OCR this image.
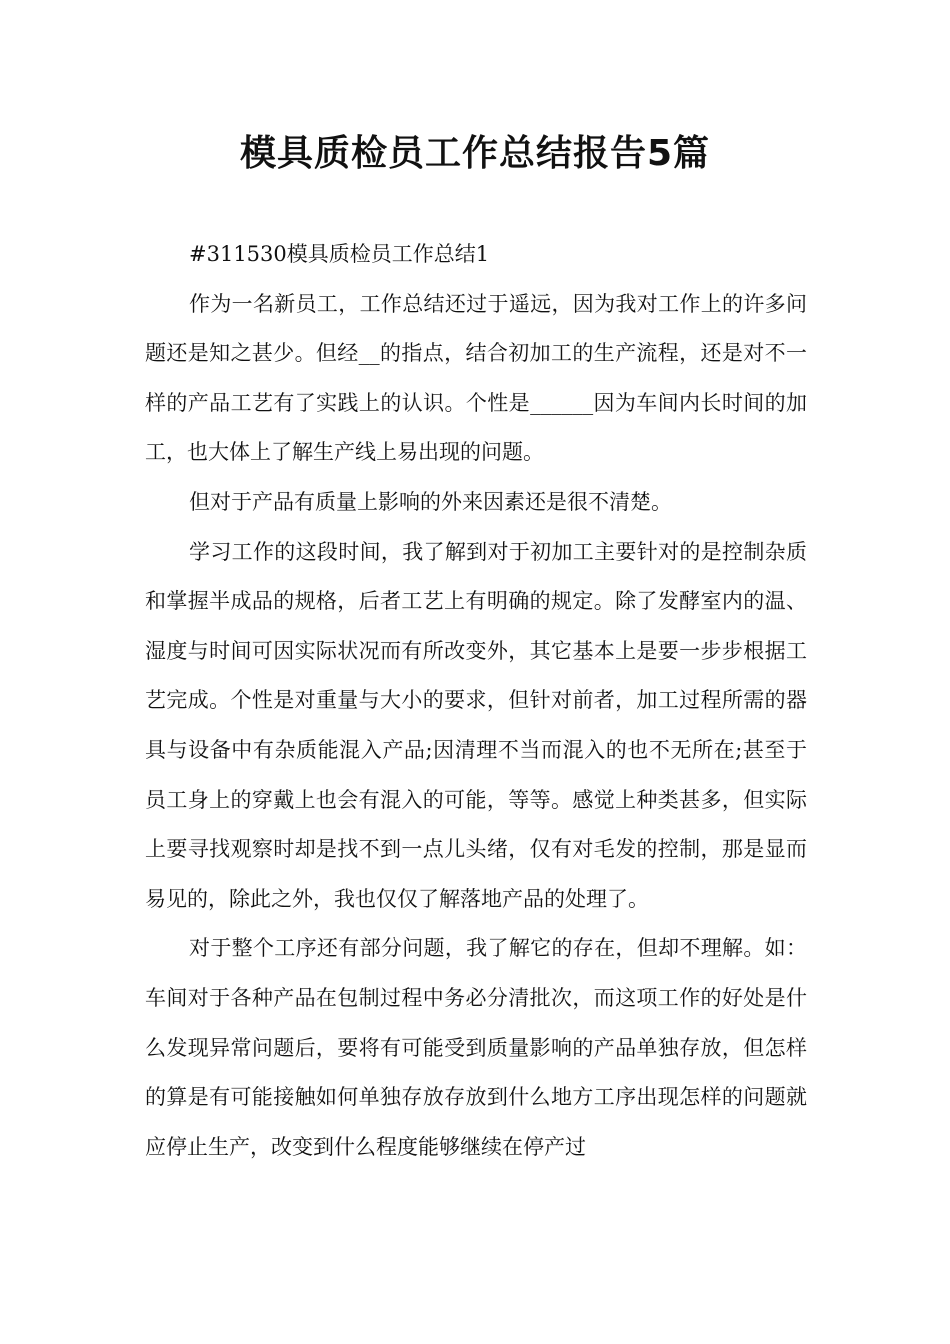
模具质检员工作总结报告5篇

#311530模具质检员工作总结1

作为一名新员工，工作总结还过于遥远，因为我对工作上的许多问题还是知之甚少。但经__的指点，结合初加工的生产流程，还是对不一样的产品工艺有了实践上的认识。个性是______因为车间内长时间的加工，也大体上了解生产线上易出现的问题。

但对于产品有质量上影响的外来因素还是很不清楚。

学习工作的这段时间，我了解到对于初加工主要针对的是控制杂质和掌握半成品的规格，后者工艺上有明确的规定。除了发酵室内的温、湿度与时间可因实际状况而有所改变外，其它基本上是要一步步根据工艺完成。个性是对重量与大小的要求，但针对前者，加工过程所需的器具与设备中有杂质能混入产品;因清理不当而混入的也不无所在;甚至于员工身上的穿戴上也会有混入的可能，等等。感觉上种类甚多，但实际上要寻找观察时却是找不到一点儿头绪，仅有对毛发的控制，那是显而易见的，除此之外，我也仅仅了解落地产品的处理了。

对于整个工序还有部分问题，我了解它的存在，但却不理解。如：车间对于各种产品在包制过程中务必分清批次，而这项工作的好处是什么发现异常问题后，要将有可能受到质量影响的产品单独存放，但怎样的算是有可能接触如何单独存放存放到什么地方工序出现怎样的问题就应停止生产，改变到什么程度能够继续在停产过
